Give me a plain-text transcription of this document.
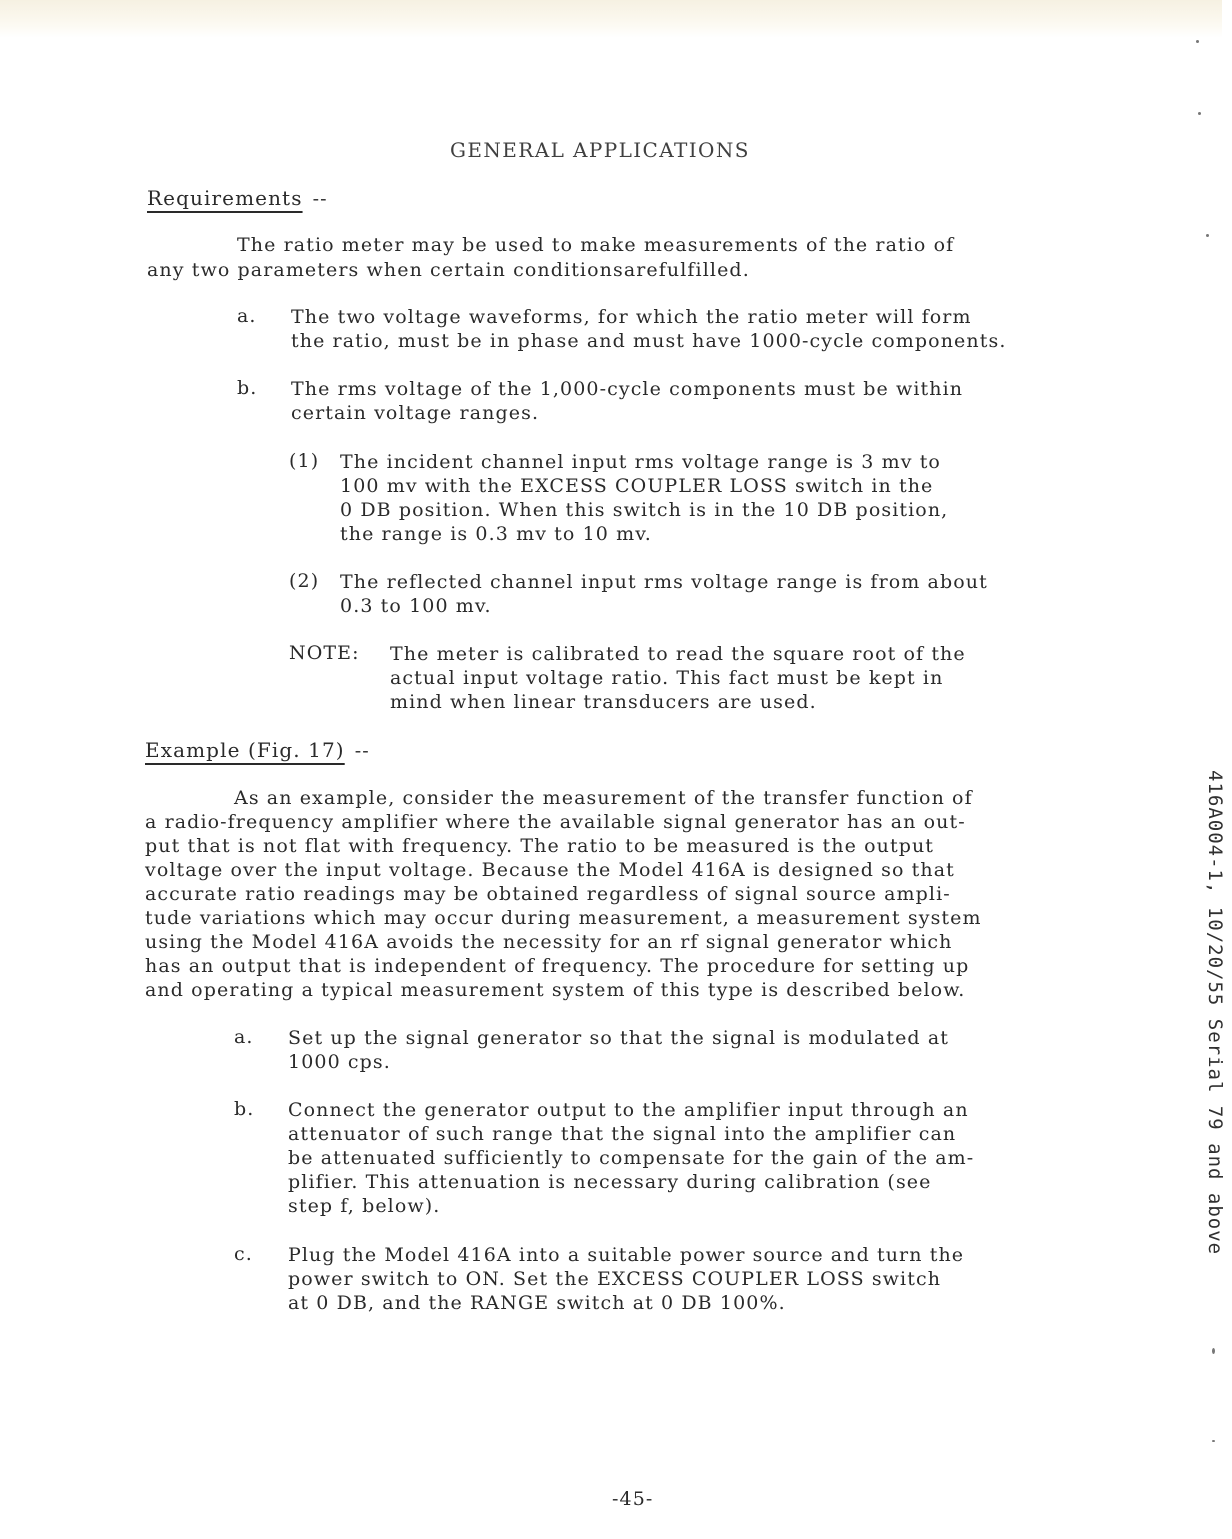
GENERAL APPLICATIONS
Requirements --
The ratio meter may be used to make measurements of the ratio of
any two parameters when certain conditionsarefulfilled.
a. The two voltage waveforms, for which the ratio meter will form
the ratio, must be in phase and must have 1000-cycle components.
b. The rms voltage of the 1,000-cycle components must be within
certain voltage ranges.
(1) The incident channel input rms voltage range is 3 mv to
100 mv with the EXCESS COUPLER LOSS switch in the
0 DB position. When this switch is in the 10 DB position,
the range is 0.3 mv to 10 mv.
(2) The reflected channel input rms voltage range is from about
0.3 to 100 mv.
NOTE: The meter is calibrated to read the square root of the
actual input voltage ratio. This fact must be kept in
mind when linear transducers are used.
Example (Fig. 17) --
As an example, consider the measurement of the transfer function of
a radio-frequency amplifier where the available signal generator has an out-
put that is not flat with frequency. The ratio to be measured is the output
voltage over the input voltage. Because the Model 416A is designed so that
accurate ratio readings may be obtained regardless of signal source ampli-
tude variations which may occur during measurement, a measurement system
using the Model 416A avoids the necessity for an rf signal generator which
has an output that is independent of frequency. The procedure for setting up
and operating a typical measurement system of this type is described below.
a. Set up the signal generator so that the signal is modulated at
1000 cps.
b. Connect the generator output to the amplifier input through an
attenuator of such range that the signal into the amplifier can
be attenuated sufficiently to compensate for the gain of the am-
plifier. This attenuation is necessary during calibration (see
step f, below).
c. Plug the Model 416A into a suitable power source and turn the
power switch to ON. Set the EXCESS COUPLER LOSS switch
at 0 DB, and the RANGE switch at 0 DB 100%.
-45-
416A004-1, 10/20/55 Serial 79 and above
